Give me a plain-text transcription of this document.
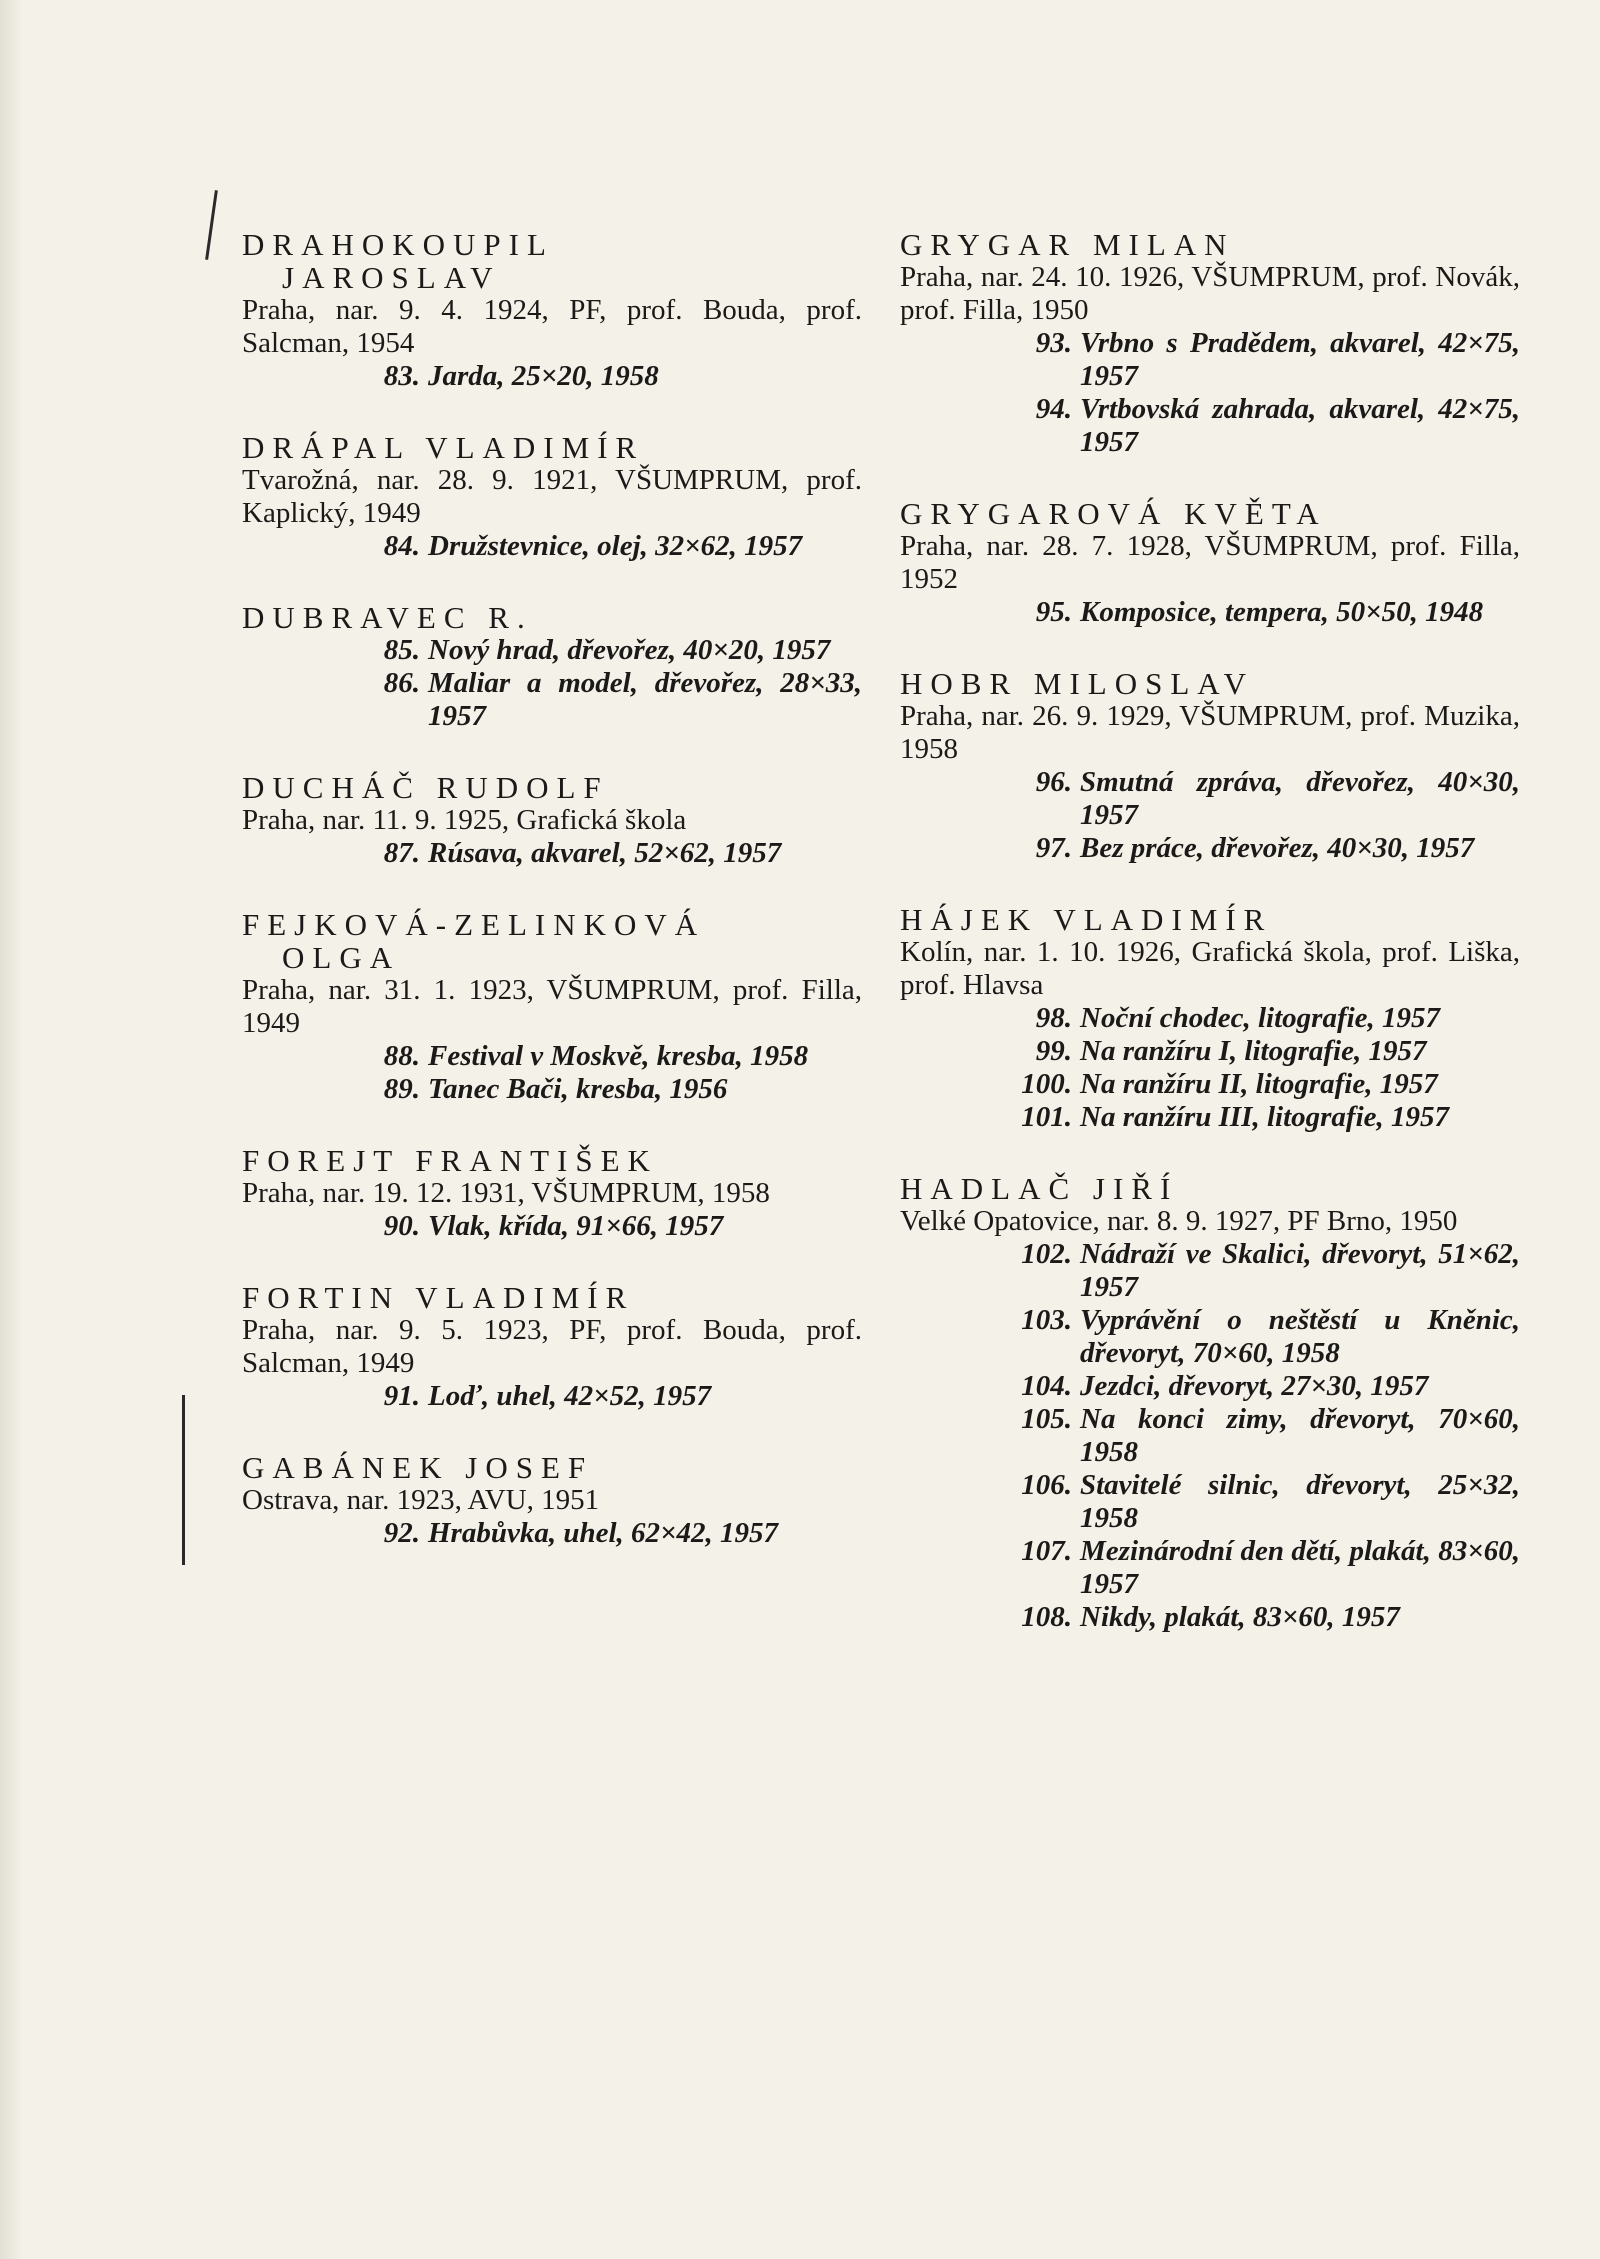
DRAHOKOUPIL
JAROSLAV
Praha, nar. 9. 4. 1924, PF, prof. Bouda, prof. Salcman, 1954
83. Jarda, 25×20, 1958
DRÁPAL VLADIMÍR
Tvarožná, nar. 28. 9. 1921, VŠUMPRUM, prof. Kaplický, 1949
84. Družstevnice, olej, 32×62, 1957
DUBRAVEC R.
85. Nový hrad, dřevořez, 40×20, 1957
86. Maliar a model, dřevořez, 28×33, 1957
DUCHÁČ RUDOLF
Praha, nar. 11. 9. 1925, Grafická škola
87. Rúsava, akvarel, 52×62, 1957
FEJKOVÁ-ZELINKOVÁ
OLGA
Praha, nar. 31. 1. 1923, VŠUMPRUM, prof. Filla, 1949
88. Festival v Moskvě, kresba, 1958
89. Tanec Bači, kresba, 1956
FOREJT FRANTIŠEK
Praha, nar. 19. 12. 1931, VŠUMPRUM, 1958
90. Vlak, křída, 91×66, 1957
FORTIN VLADIMÍR
Praha, nar. 9. 5. 1923, PF, prof. Bouda, prof. Salcman, 1949
91. Loď, uhel, 42×52, 1957
GABÁNEK JOSEF
Ostrava, nar. 1923, AVU, 1951
92. Hrabůvka, uhel, 62×42, 1957
GRYGAR MILAN
Praha, nar. 24. 10. 1926, VŠUMPRUM, prof. Novák, prof. Filla, 1950
93. Vrbno s Pradědem, akvarel, 42×75, 1957
94. Vrtbovská zahrada, akvarel, 42×75, 1957
GRYGAROVÁ KVĚTA
Praha, nar. 28. 7. 1928, VŠUMPRUM, prof. Filla, 1952
95. Komposice, tempera, 50×50, 1948
HOBR MILOSLAV
Praha, nar. 26. 9. 1929, VŠUMPRUM, prof. Muzika, 1958
96. Smutná zpráva, dřevořez, 40×30, 1957
97. Bez práce, dřevořez, 40×30, 1957
HÁJEK VLADIMÍR
Kolín, nar. 1. 10. 1926, Grafická škola, prof. Liška, prof. Hlavsa
98. Noční chodec, litografie, 1957
99. Na ranžíru I, litografie, 1957
100. Na ranžíru II, litografie, 1957
101. Na ranžíru III, litografie, 1957
HADLAČ JIŘÍ
Velké Opatovice, nar. 8. 9. 1927, PF Brno, 1950
102. Nádraží ve Skalici, dřevoryt, 51×62, 1957
103. Vyprávění o neštěstí u Kněnic, dřevoryt, 70×60, 1958
104. Jezdci, dřevoryt, 27×30, 1957
105. Na konci zimy, dřevoryt, 70×60, 1958
106. Stavitelé silnic, dřevoryt, 25×32, 1958
107. Mezinárodní den dětí, plakát, 83×60, 1957
108. Nikdy, plakát, 83×60, 1957
